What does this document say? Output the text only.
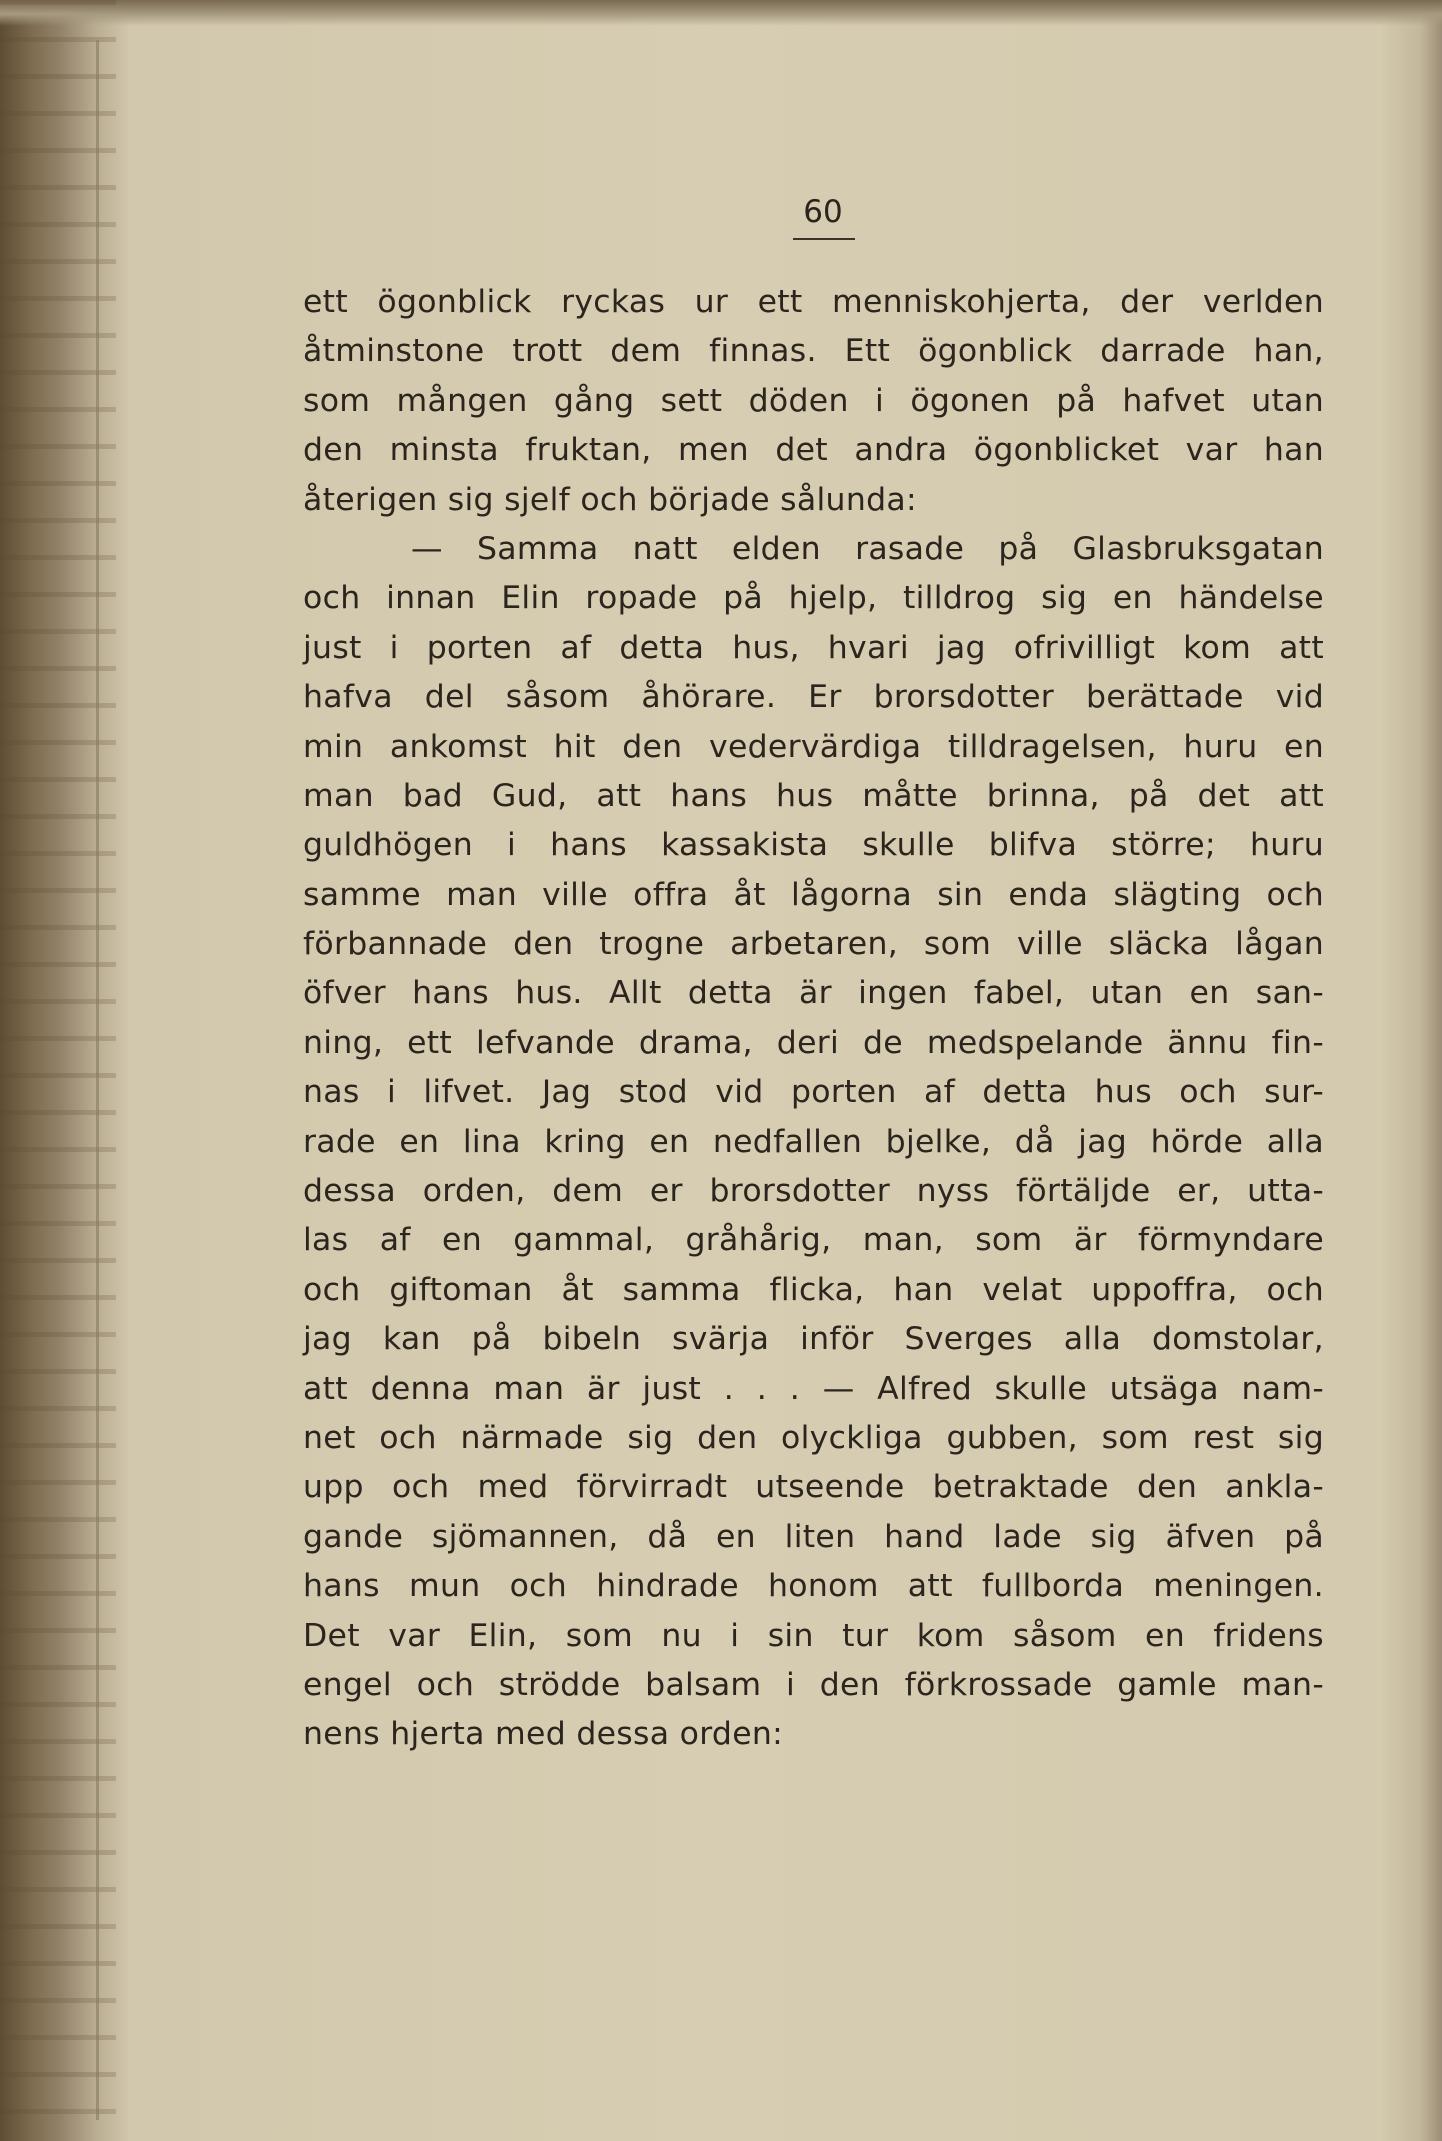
60
ett ögonblick ryckas ur ett menniskohjerta, der verlden
åtminstone trott dem finnas. Ett ögonblick darrade han,
som mången gång sett döden i ögonen på hafvet utan
den minsta fruktan, men det andra ögonblicket var han
återigen sig sjelf och började sålunda:
— Samma natt elden rasade på Glasbruksgatan
och innan Elin ropade på hjelp, tilldrog sig en händelse
just i porten af detta hus, hvari jag ofrivilligt kom att
hafva del såsom åhörare. Er brorsdotter berättade vid
min ankomst hit den vedervärdiga tilldragelsen, huru en
man bad Gud, att hans hus måtte brinna, på det att
guldhögen i hans kassakista skulle blifva större; huru
samme man ville offra åt lågorna sin enda slägting och
förbannade den trogne arbetaren, som ville släcka lågan
öfver hans hus. Allt detta är ingen fabel, utan en san-
ning, ett lefvande drama, deri de medspelande ännu fin-
nas i lifvet. Jag stod vid porten af detta hus och sur-
rade en lina kring en nedfallen bjelke, då jag hörde alla
dessa orden, dem er brorsdotter nyss förtäljde er, utta-
las af en gammal, gråhårig, man, som är förmyndare
och giftoman åt samma flicka, han velat uppoffra, och
jag kan på bibeln svärja inför Sverges alla domstolar,
att denna man är just . . . — Alfred skulle utsäga nam-
net och närmade sig den olyckliga gubben, som rest sig
upp och med förvirradt utseende betraktade den ankla-
gande sjömannen, då en liten hand lade sig äfven på
hans mun och hindrade honom att fullborda meningen.
Det var Elin, som nu i sin tur kom såsom en fridens
engel och strödde balsam i den förkrossade gamle man-
nens hjerta med dessa orden:
